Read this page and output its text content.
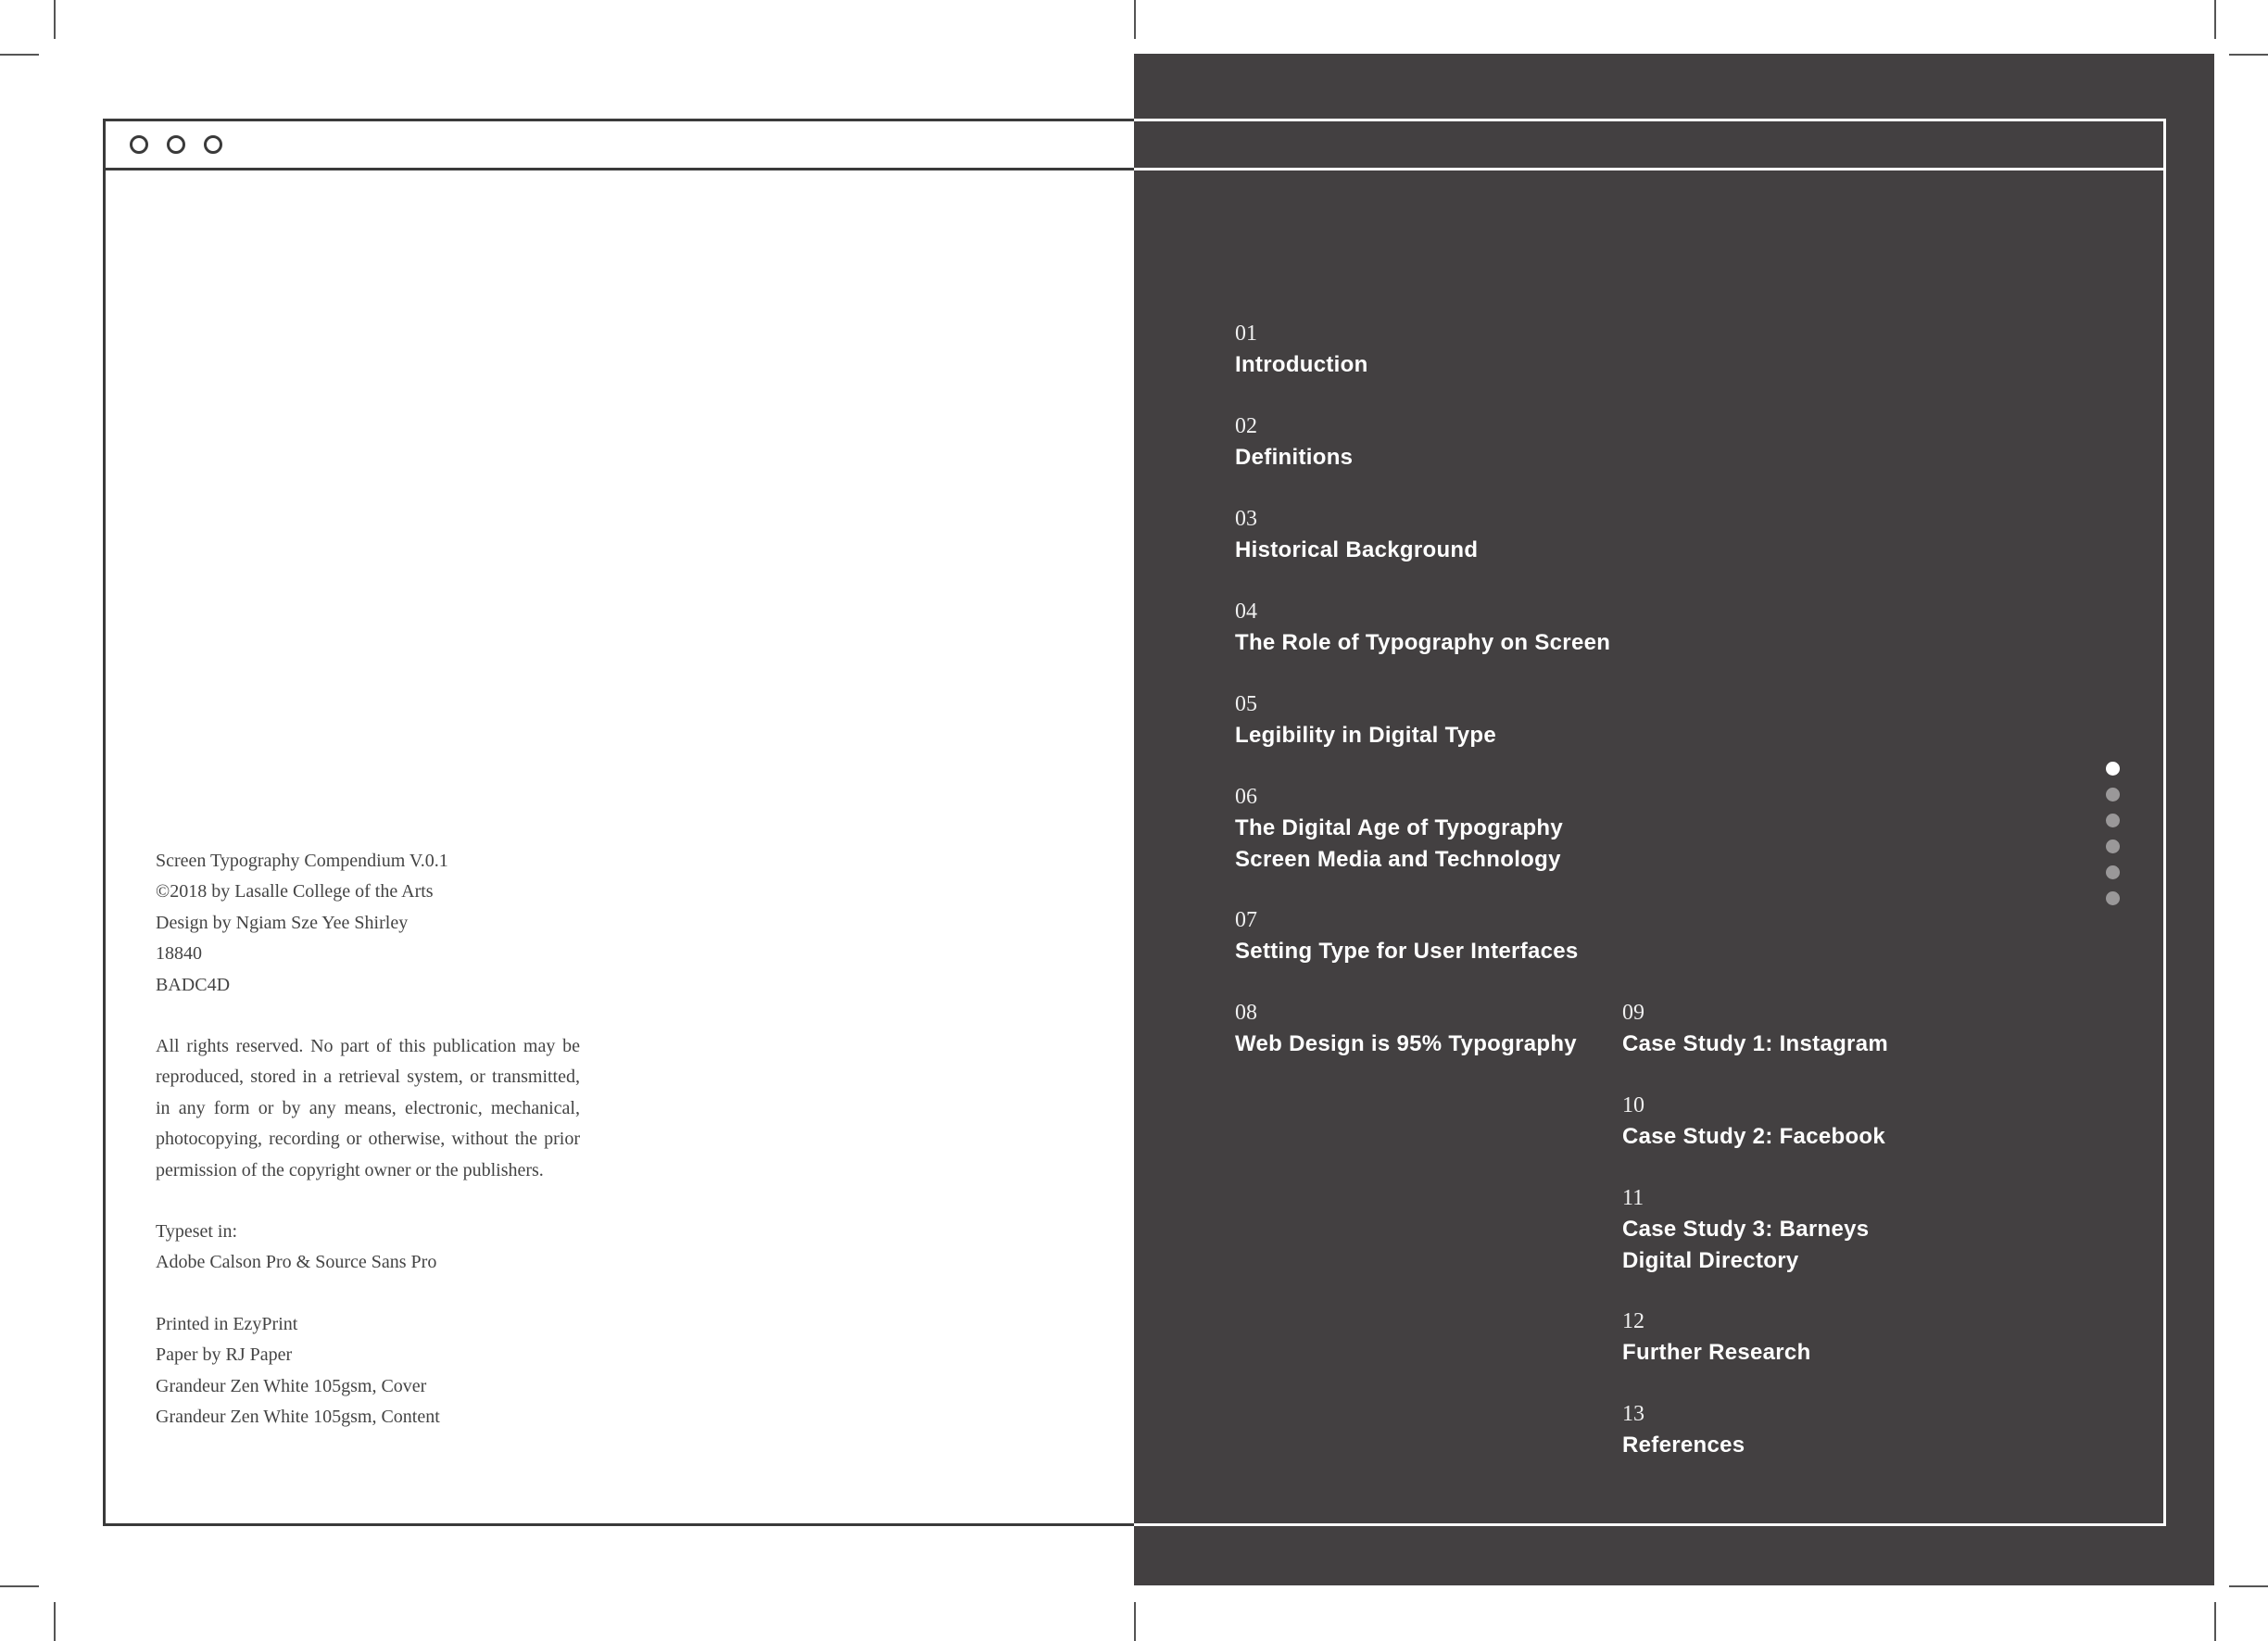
Screen Typography Compendium V.0.1
©2018 by Lasalle College of the Arts
Design by Ngiam Sze Yee Shirley
18840
BADC4D
All rights reserved. No part of this publication may be reproduced, stored in a retrieval system, or transmitted, in any form or by any means, electronic, mechanical, photocopying, recording or otherwise, without the prior permission of the copyright owner or the publishers.
Typeset in:
Adobe Calson Pro & Source Sans Pro
Printed in EzyPrint
Paper by RJ Paper
Grandeur Zen White 105gsm, Cover
Grandeur Zen White 105gsm, Content
01
Introduction
02
Definitions
03
Historical Background
04
The Role of Typography on Screen
05
Legibility in Digital Type
06
The Digital Age of Typography
Screen Media and Technology
07
Setting Type for User Interfaces
08
Web Design is 95% Typography
09
Case Study 1: Instagram
10
Case Study 2: Facebook
11
Case Study 3: Barneys
Digital Directory
12
Further Research
13
References
